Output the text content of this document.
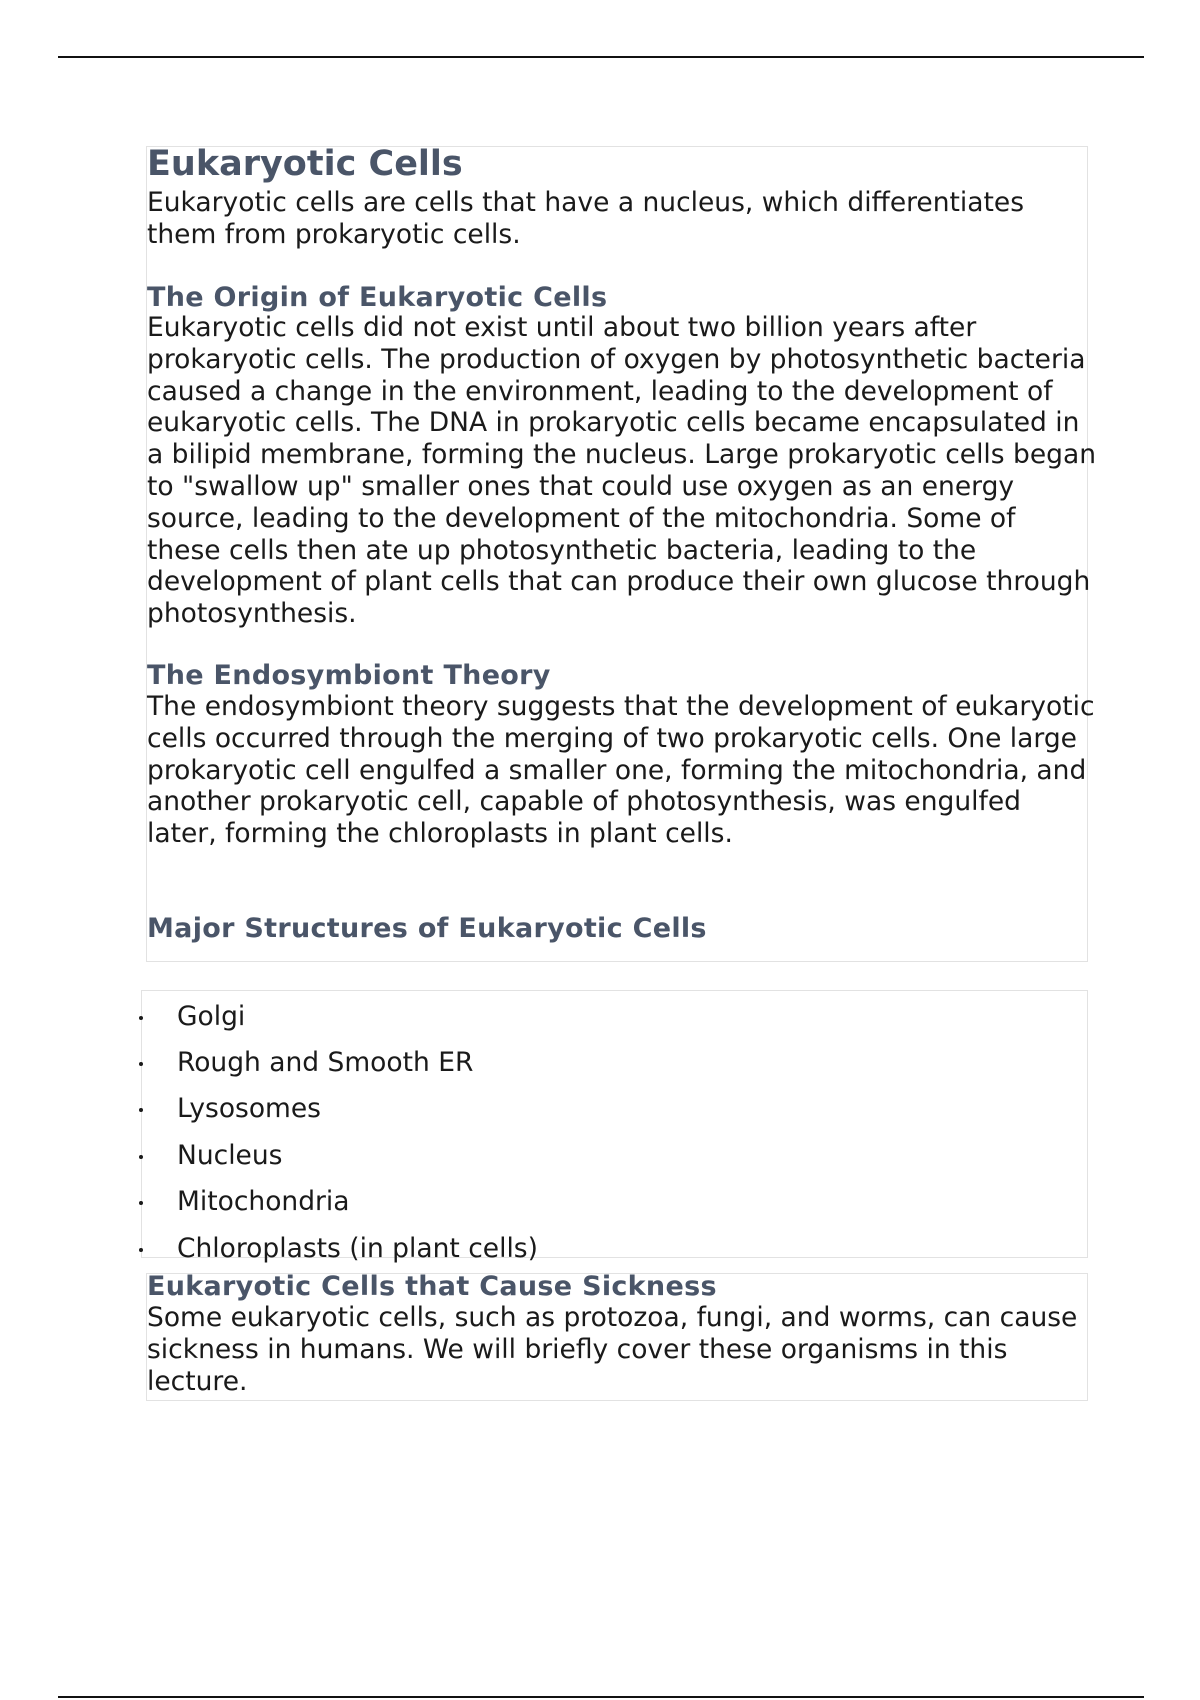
Eukaryotic Cells

Eukaryotic cells are cells that have a nucleus, which differentiates them from prokaryotic cells.

The Origin of Eukaryotic Cells

Eukaryotic cells did not exist until about two billion years after prokaryotic cells. The production of oxygen by photosynthetic bacteria caused a change in the environment, leading to the development of eukaryotic cells. The DNA in prokaryotic cells became encapsulated in a bilipid membrane, forming the nucleus. Large prokaryotic cells began to "swallow up" smaller ones that could use oxygen as an energy source, leading to the development of the mitochondria. Some of these cells then ate up photosynthetic bacteria, leading to the development of plant cells that can produce their own glucose through photosynthesis.

The Endosymbiont Theory

The endosymbiont theory suggests that the development of eukaryotic cells occurred through the merging of two prokaryotic cells. One large prokaryotic cell engulfed a smaller one, forming the mitochondria, and another prokaryotic cell, capable of photosynthesis, was engulfed later, forming the chloroplasts in plant cells.

Major Structures of Eukaryotic Cells
Golgi
Rough and Smooth ER
Lysosomes
Nucleus
Mitochondria
Chloroplasts (in plant cells)
Eukaryotic Cells that Cause Sickness

Some eukaryotic cells, such as protozoa, fungi, and worms, can cause sickness in humans. We will briefly cover these organisms in this lecture.
